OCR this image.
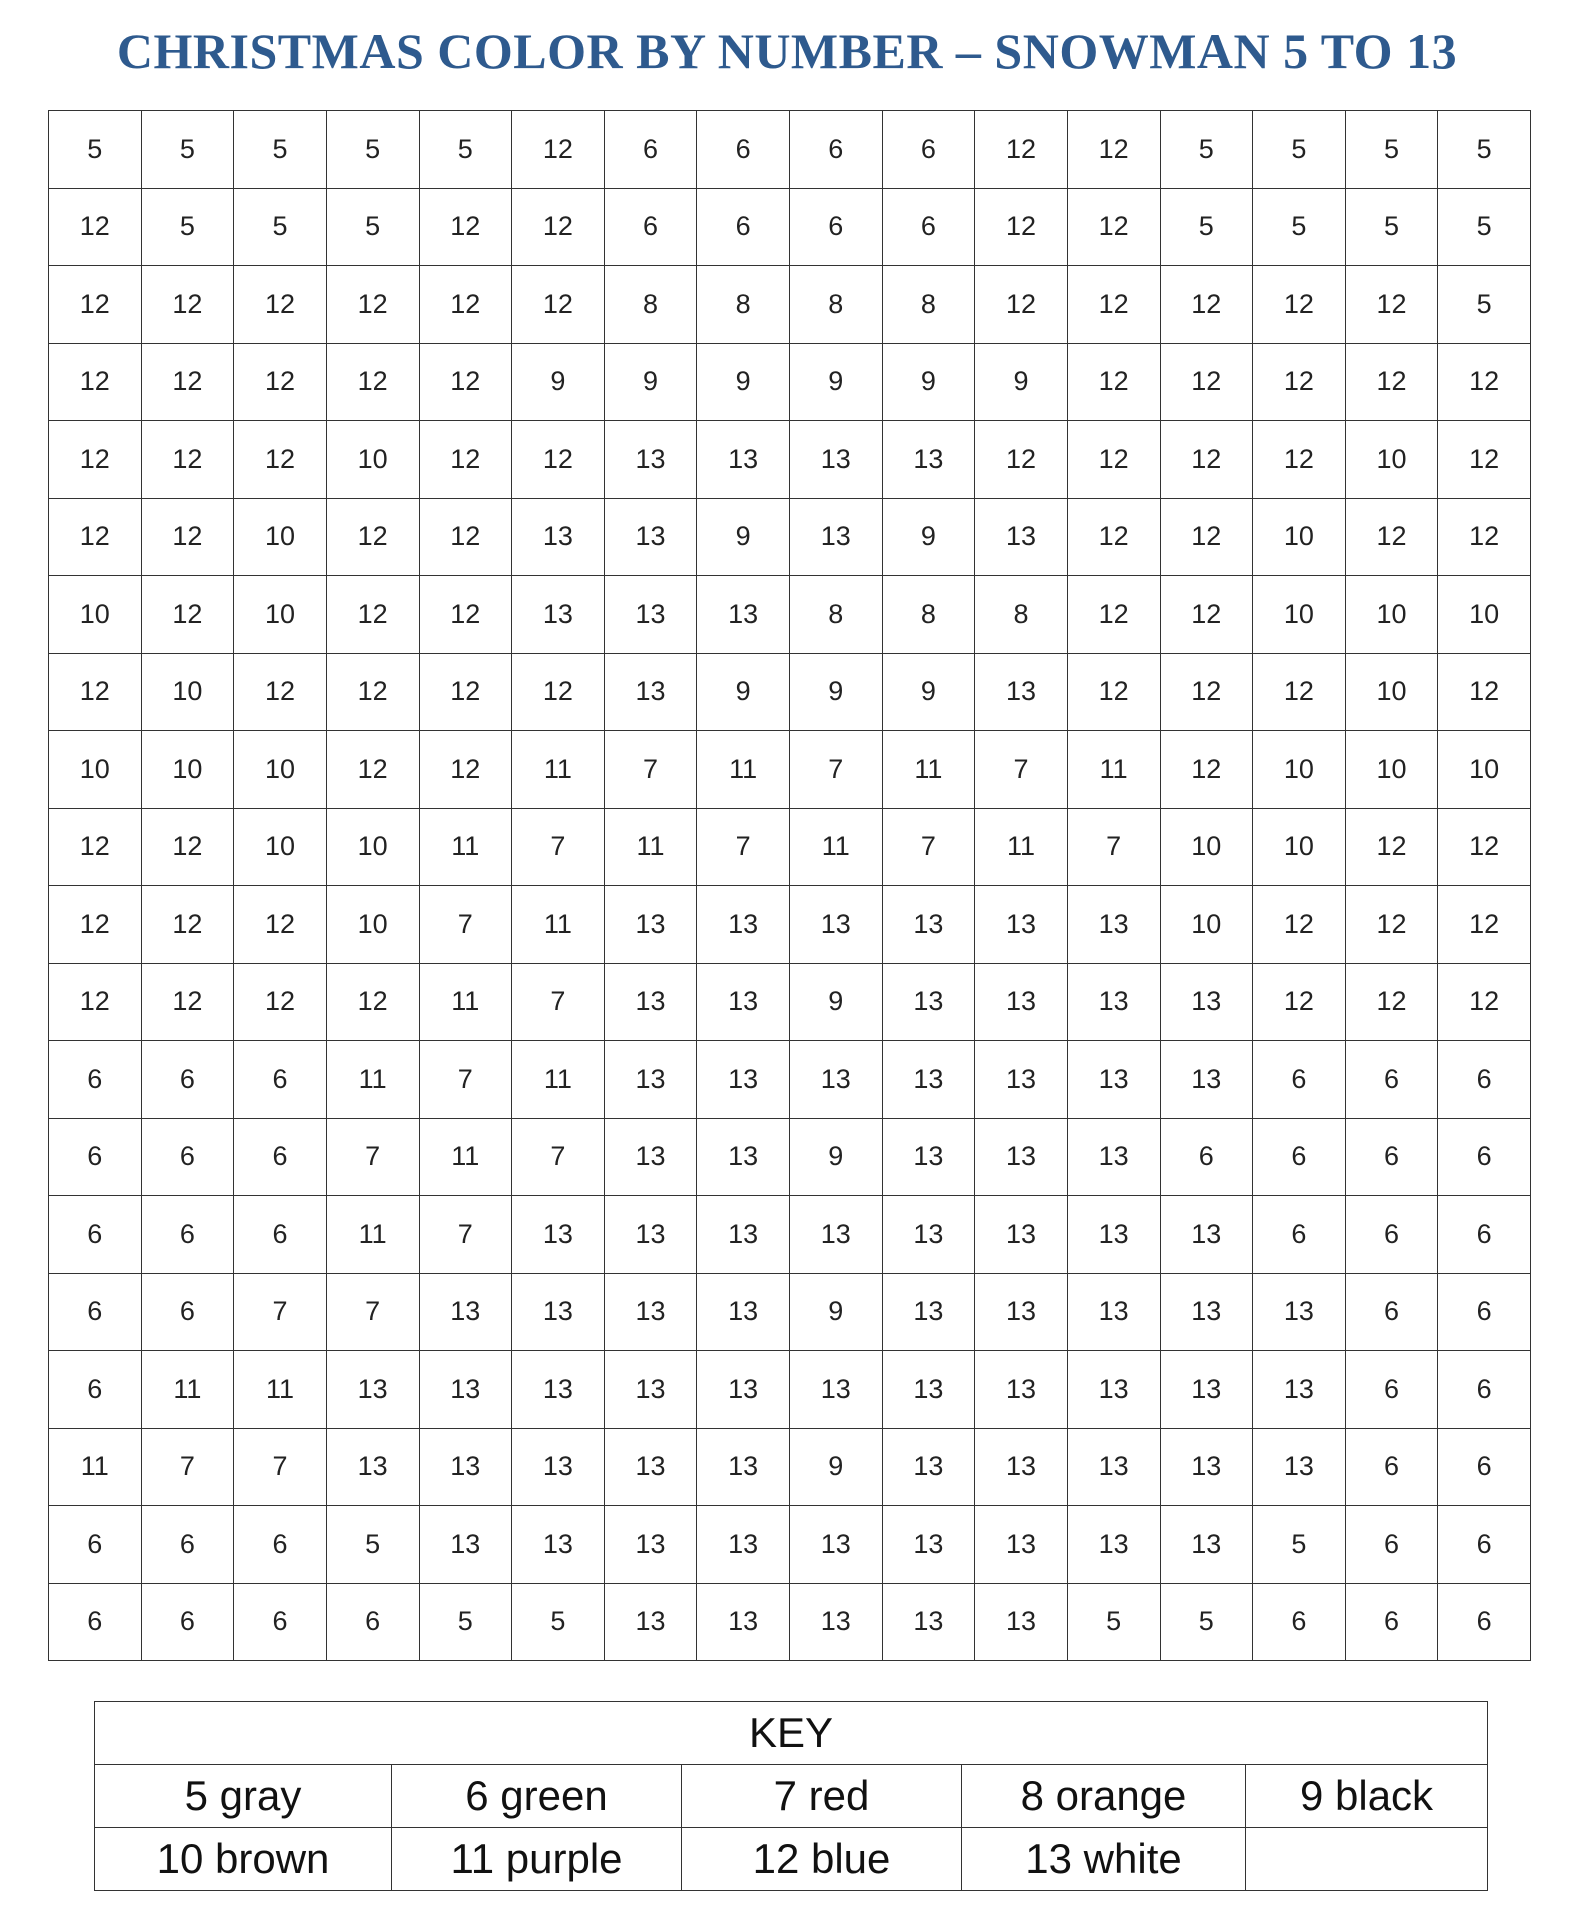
CHRISTMAS COLOR BY NUMBER – SNOWMAN 5 TO 13
5	5	5	5	5	12	6	6	6	6	12	12	5	5	5	5
12	5	5	5	12	12	6	6	6	6	12	12	5	5	5	5
12	12	12	12	12	12	8	8	8	8	12	12	12	12	12	5
12	12	12	12	12	9	9	9	9	9	9	12	12	12	12	12
12	12	12	10	12	12	13	13	13	13	12	12	12	12	10	12
12	12	10	12	12	13	13	9	13	9	13	12	12	10	12	12
10	12	10	12	12	13	13	13	8	8	8	12	12	10	10	10
12	10	12	12	12	12	13	9	9	9	13	12	12	12	10	12
10	10	10	12	12	11	7	11	7	11	7	11	12	10	10	10
12	12	10	10	11	7	11	7	11	7	11	7	10	10	12	12
12	12	12	10	7	11	13	13	13	13	13	13	10	12	12	12
12	12	12	12	11	7	13	13	9	13	13	13	13	12	12	12
6	6	6	11	7	11	13	13	13	13	13	13	13	6	6	6
6	6	6	7	11	7	13	13	9	13	13	13	6	6	6	6
6	6	6	11	7	13	13	13	13	13	13	13	13	6	6	6
6	6	7	7	13	13	13	13	9	13	13	13	13	13	6	6
6	11	11	13	13	13	13	13	13	13	13	13	13	13	6	6
11	7	7	13	13	13	13	13	9	13	13	13	13	13	6	6
6	6	6	5	13	13	13	13	13	13	13	13	13	5	6	6
6	6	6	6	5	5	13	13	13	13	13	5	5	6	6	6
KEY				
5 gray	6 green	7 red	8 orange	9 black
10 brown	11 purple	12 blue	13 white	
